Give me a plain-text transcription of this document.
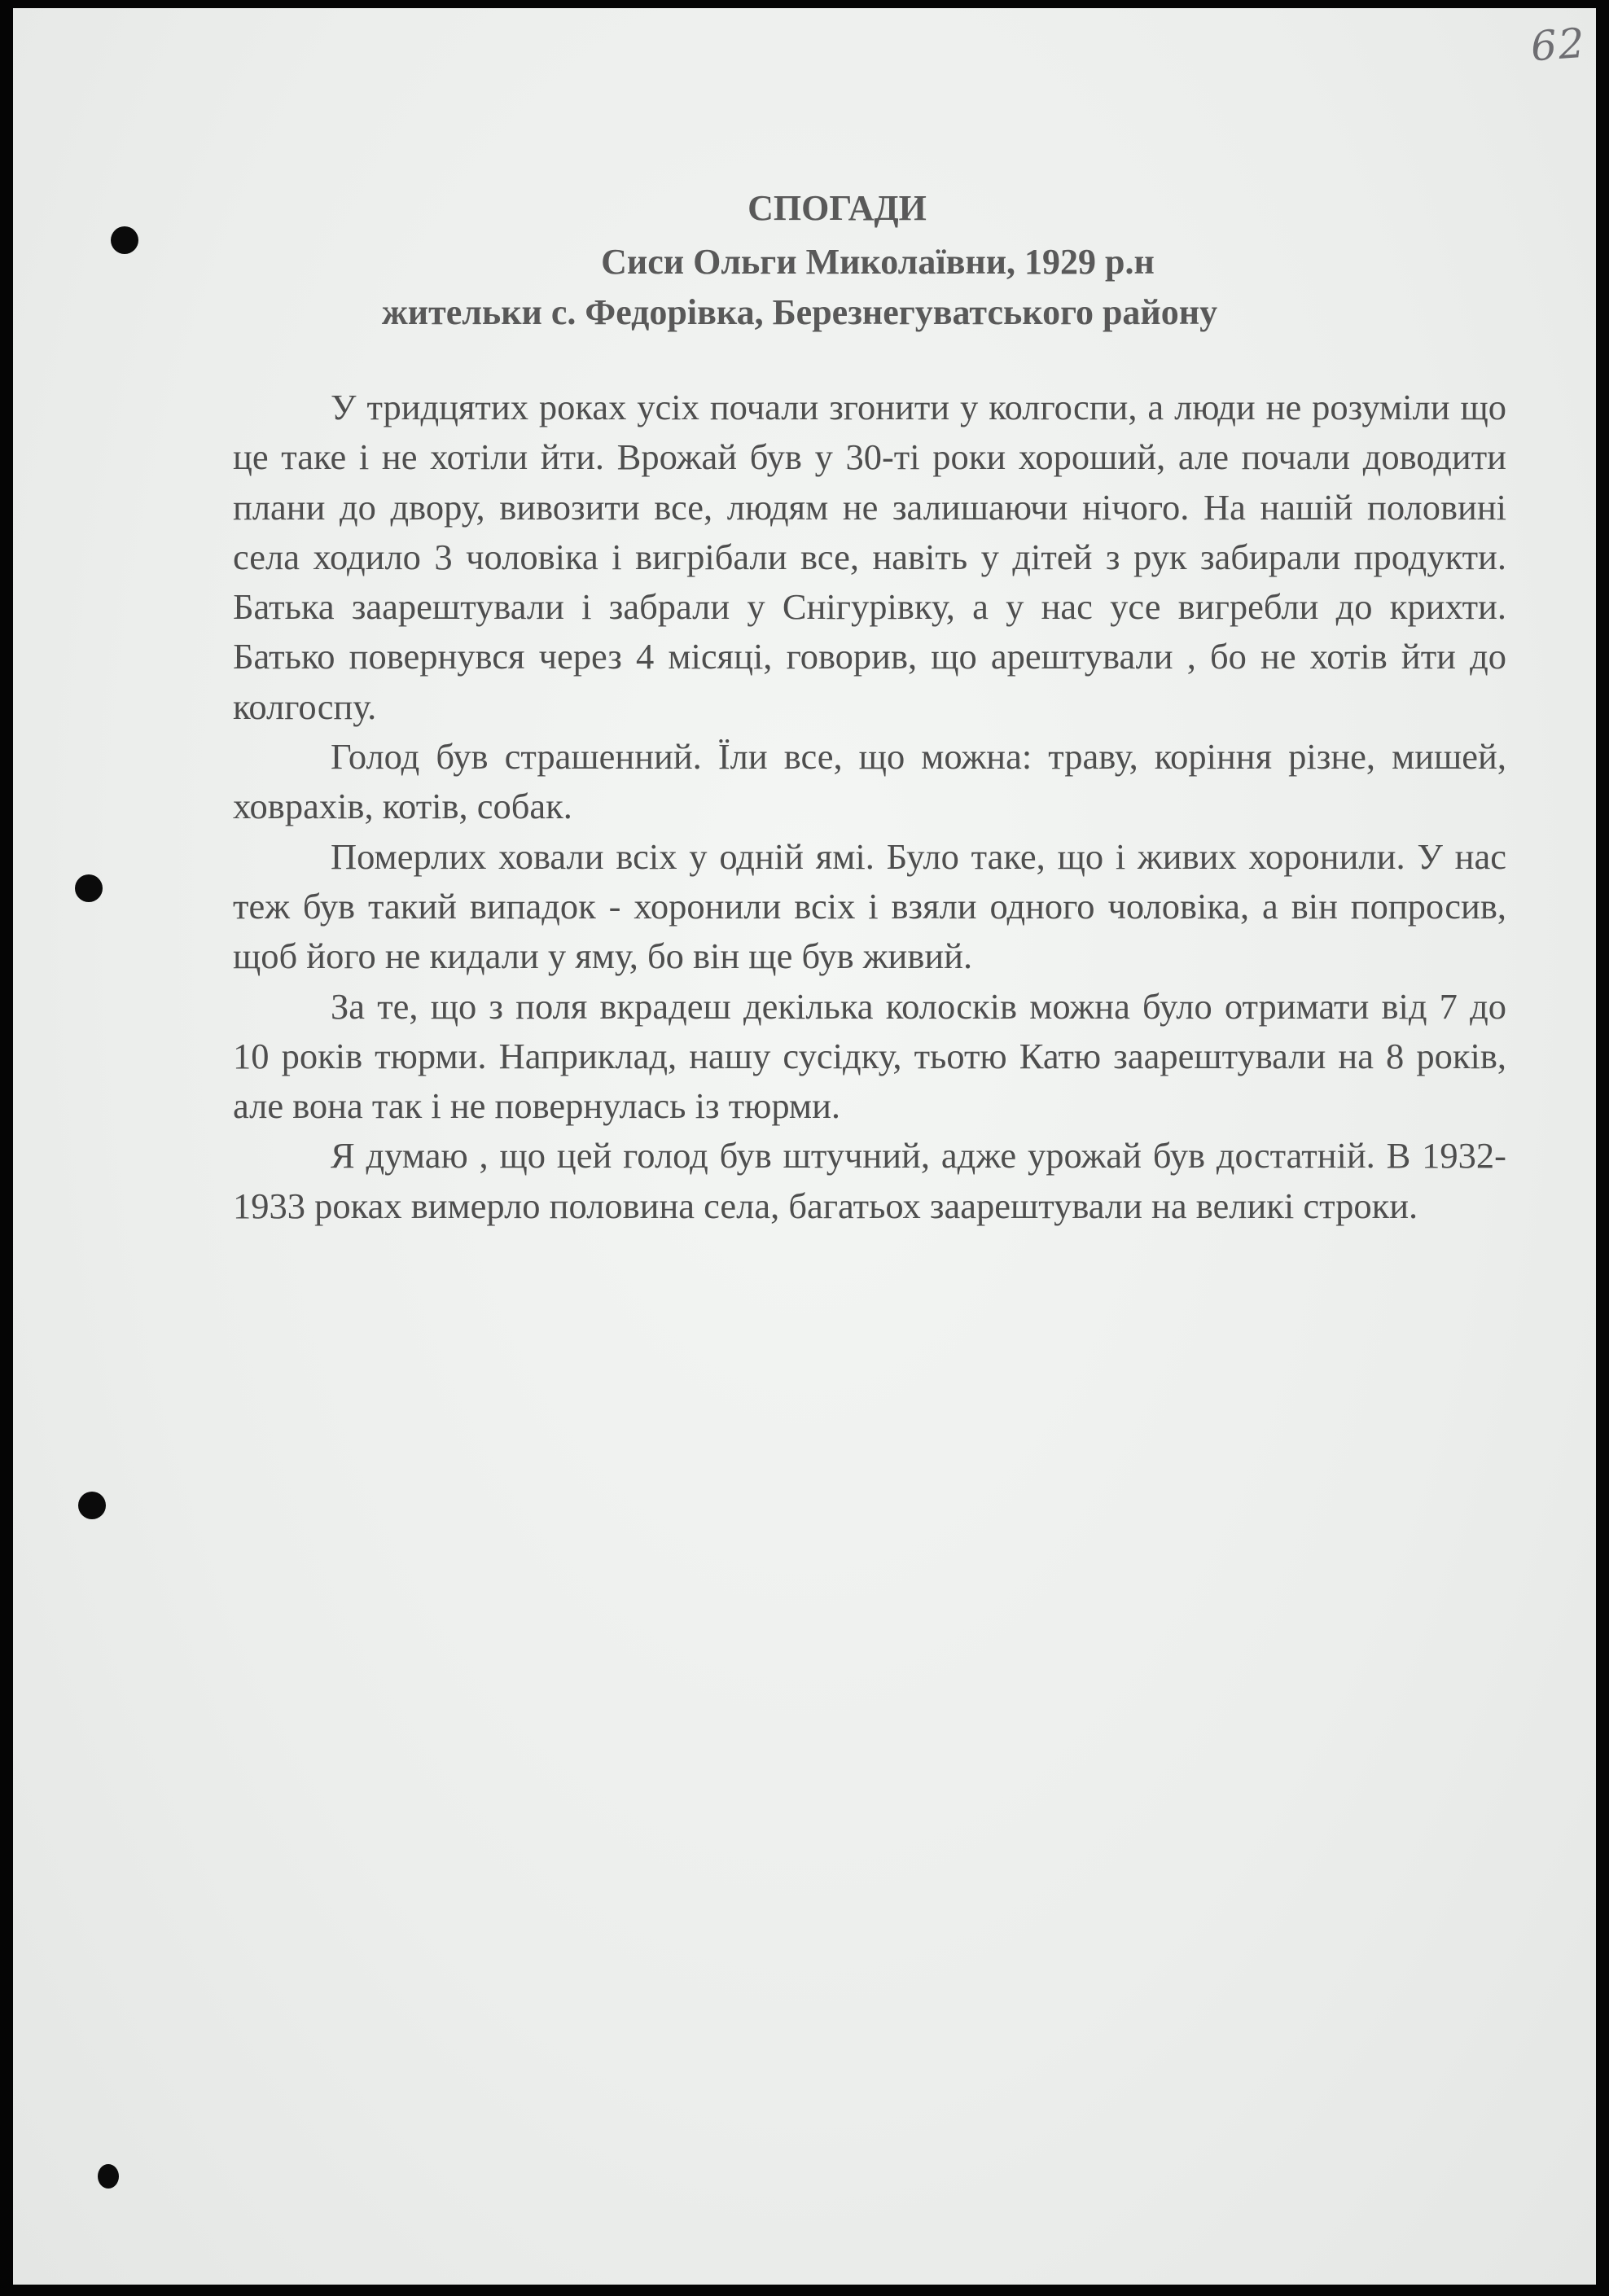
62
СПОГАДИ
Сиси Ольги Миколаївни, 1929 р.н
жительки с. Федорівка, Березнегуватського району

У тридцятих роках усіх почали згонити у колгоспи, а люди не розуміли що це таке і не хотіли йти. Врожай був у 30-ті роки хороший, але почали доводити плани до двору, вивозити все, людям не залишаючи нічого. На нашій половині села ходило 3 чоловіка і вигрібали все, навіть у дітей з рук забирали продукти. Батька заарештували і забрали у Снігурівку, а у нас усе вигребли до крихти. Батько повернувся через 4 місяці, говорив, що арештували , бо не хотів йти до колгоспу.

Голод був страшенний. Їли все, що можна: траву, коріння різне, мишей, ховрахів, котів, собак.

Померлих ховали всіх у одній ямі. Було таке, що і живих хоронили. У нас теж був такий випадок - хоронили всіх і взяли одного чоловіка, а він попросив, щоб його не кидали у яму, бо він ще був живий.

За те, що з поля вкрадеш декілька колосків можна було отримати від 7 до 10 років тюрми. Наприклад, нашу сусідку, тьотю Катю заарештували на 8 років, але вона так і не повернулась із тюрми.

Я думаю , що цей голод був штучний, адже урожай був достатній. В 1932-1933 роках вимерло половина села, багатьох заарештували на великі строки.
